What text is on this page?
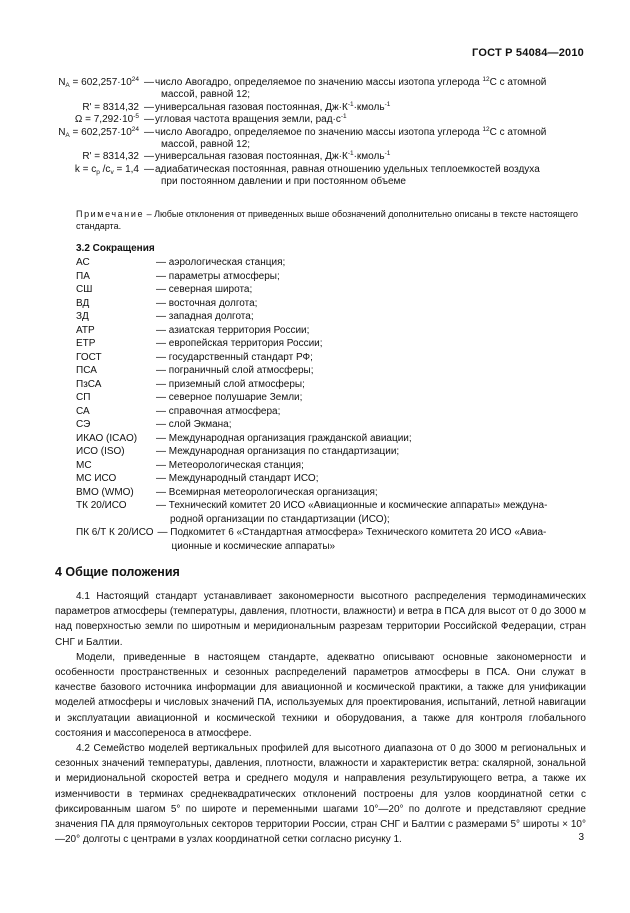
ГОСТ Р 54084—2010
$N_A = 602,257\cdot 10^{24}$ — число Авогадро, определяемое по значению массы изотопа углерода $^{12}$С с атомной
массой, равной 12;
R' = 8314,32 — универсальная газовая постоянная, $Дж\cdot К^{-1}\cdot кмоль^{-1}$
$\Omega = 7,292\cdot 10^{-5}$ — угловая частота вращения земли, $рад\cdot с^{-1}$
$N_A = 602,257\cdot 10^{24}$ — число Авогадро, определяемое по значению массы изотопа углерода $^{12}$С с атомной
массой, равной 12;
R' = 8314,32 — универсальная газовая постоянная, $Дж\cdot К^{-1}\cdot кмоль^{-1}$
$k = c_p$ $/c_v = 1,4$ — адиабатическая постоянная, равная отношению удельных теплоемкостей воздуха
при постоянном давлении и при постоянном объеме
Примечание – Любые отклонения от приведенных выше обозначений дополнительно описаны в тексте настоящего стандарта.
3.2 Сокращения
АС	— аэрологическая станция;
ПА	— параметры атмосферы;
СШ	— северная широта;
ВД	— восточная долгота;
ЗД	— западная долгота;
АТР	— азиатская территория России;
ЕТР	— европейская территория России;
ГОСТ	— государственный стандарт РФ;
ПСА	— пограничный слой атмосферы;
ПзСА	— приземный слой атмосферы;
СП	— северное полушарие Земли;
СА	— справочная атмосфера;
СЭ	— слой Экмана;
ИКАО (ICAO)	— Международная организация гражданской авиации;
ИСО (ISO)	— Международная организация по стандартизации;
МС	— Метеорологическая станция;
МС ИСО	— Международный стандарт ИСО;
ВМО (WMO)	— Всемирная метеорологическая организация;
ТК 20/ИСО	— Технический комитет 20 ИСО «Авиационные и космические аппараты» междуна-
родной организации по стандартизации (ИСО);
ПК 6/Т К 20/ИСО — Подкомитет 6 «Стандартная атмосфера» Технического комитета 20 ИСО «Авиа-
ционные и космические аппараты»
4 Общие положения

4.1 Настоящий стандарт устанавливает закономерности высотного распределения термодинамических параметров атмосферы (температуры, давления, плотности, влажности) и ветра в ПСА для высот от 0 до 3000 м над поверхностью земли по широтным и меридиональным разрезам территории Российской Федерации, стран СНГ и Балтии.

Модели, приведенные в настоящем стандарте, адекватно описывают основные закономерности и особенности пространственных и сезонных распределений параметров атмосферы в ПСА. Они служат в качестве базового источника информации для авиационной и космической практики, а также для унификации моделей атмосферы и числовых значений ПА, используемых для проектирования, испытаний, летной навигации и эксплуатации авиационной и космической техники и оборудования, а также для контроля глобального состояния и массопереноса в атмосфере.

4.2 Семейство моделей вертикальных профилей для высотного диапазона от 0 до 3000 м региональных и сезонных значений температуры, давления, плотности, влажности и характеристик ветра: скалярной, зональной и меридиональной скоростей ветра и среднего модуля и направления результирующего ветра, а также их изменчивости в терминах среднеквадратических отклонений построены для узлов координатной сетки с фиксированным шагом 5° по широте и переменными шагами 10°—20° по долготе и представляют средние значения ПА для прямоугольных секторов территории России, стран СНГ и Балтии с размерами 5° широты × 10°—20° долготы с центрами в узлах координатной сетки согласно рисунку 1.	3
